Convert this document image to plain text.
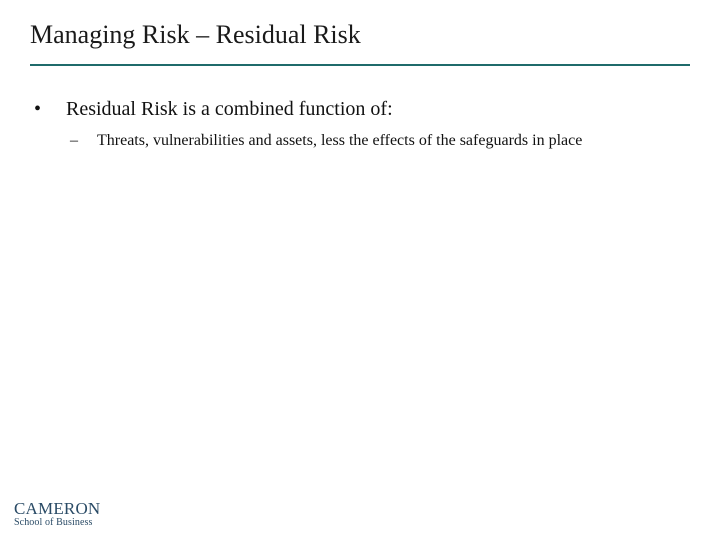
Managing Risk – Residual Risk
• Residual Risk is a combined function of:
– Threats, vulnerabilities and assets, less the effects of the safeguards in place
CAMERON
School of Business
